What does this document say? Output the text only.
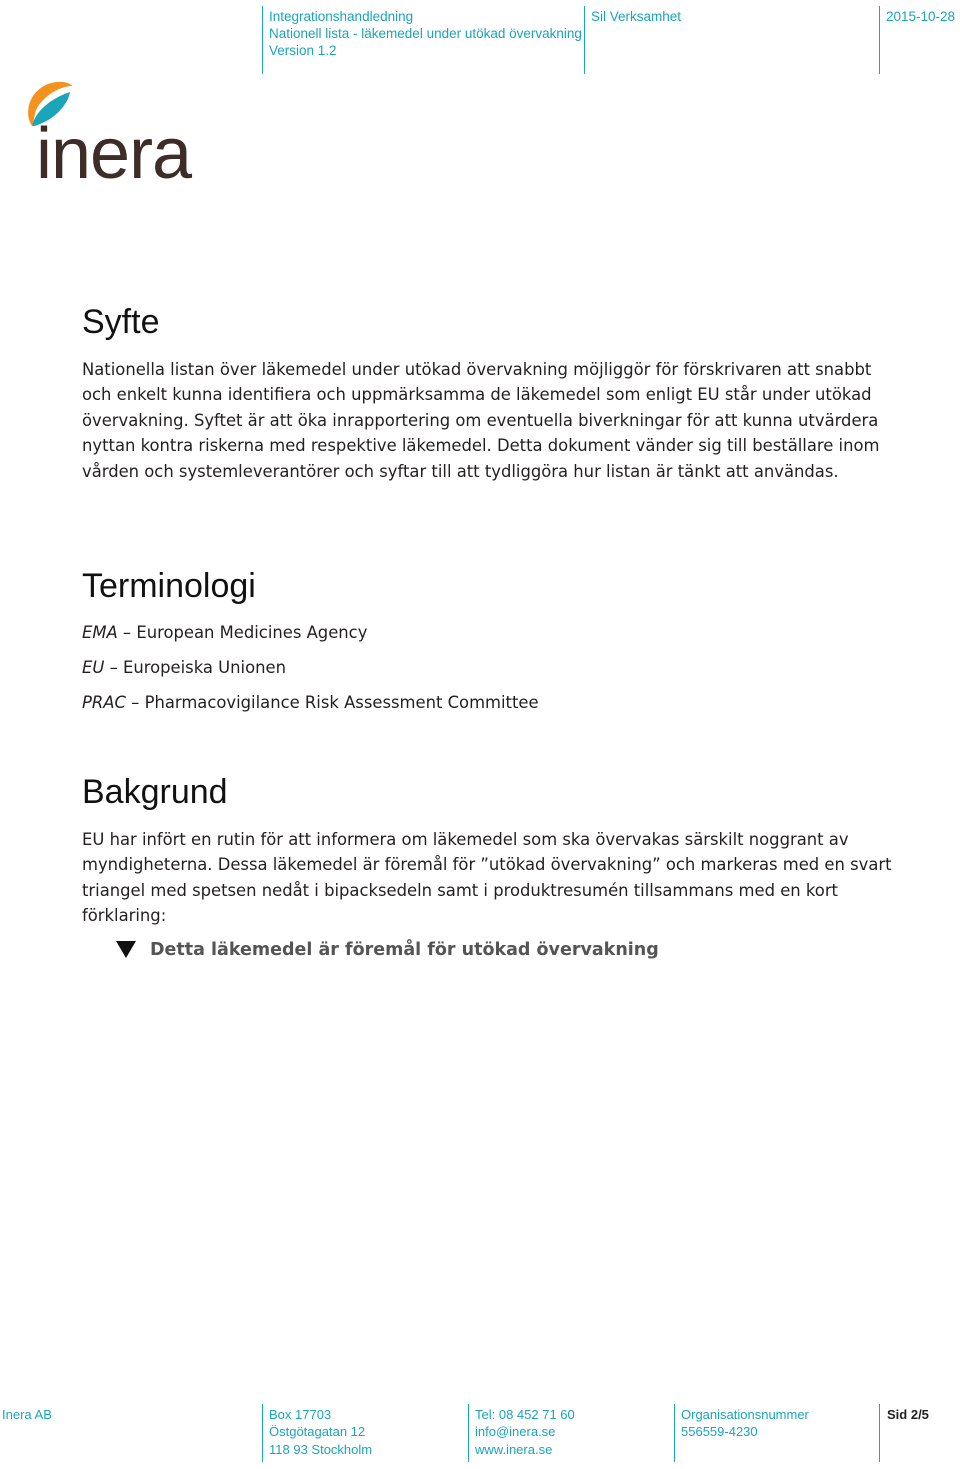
Integrationshandledning
Nationell lista - läkemedel under utökad övervakning
Version 1.2
Sil Verksamhet	2015-10-28
inera
Syfte

Nationella listan över läkemedel under utökad övervakning möjliggör för förskrivaren att snabbt och enkelt kunna identifiera och uppmärksamma de läkemedel som enligt EU står under utökad övervakning. Syftet är att öka inrapportering om eventuella biverkningar för att kunna utvärdera nyttan kontra riskerna med respektive läkemedel. Detta dokument vänder sig till beställare inom vården och systemleverantörer och syftar till att tydliggöra hur listan är tänkt att användas.

Terminologi
EMA – European Medicines Agency
EU – Europeiska Unionen
PRAC – Pharmacovigilance Risk Assessment Committee
Bakgrund

EU har infört en rutin för att informera om läkemedel som ska övervakas särskilt noggrant av myndigheterna. Dessa läkemedel är föremål för ”utökad övervakning” och markeras med en svart triangel med spetsen nedåt i bipacksedeln samt i produktresumén tillsammans med en kort förklaring:

Detta läkemedel är föremål för utökad övervakning
Inera AB	Box 17703
Östgötagatan 12
118 93 Stockholm
Tel: 08 452 71 60
info@inera.se
www.inera.se
Organisationsnummer
556559-4230
Sid 2/5
